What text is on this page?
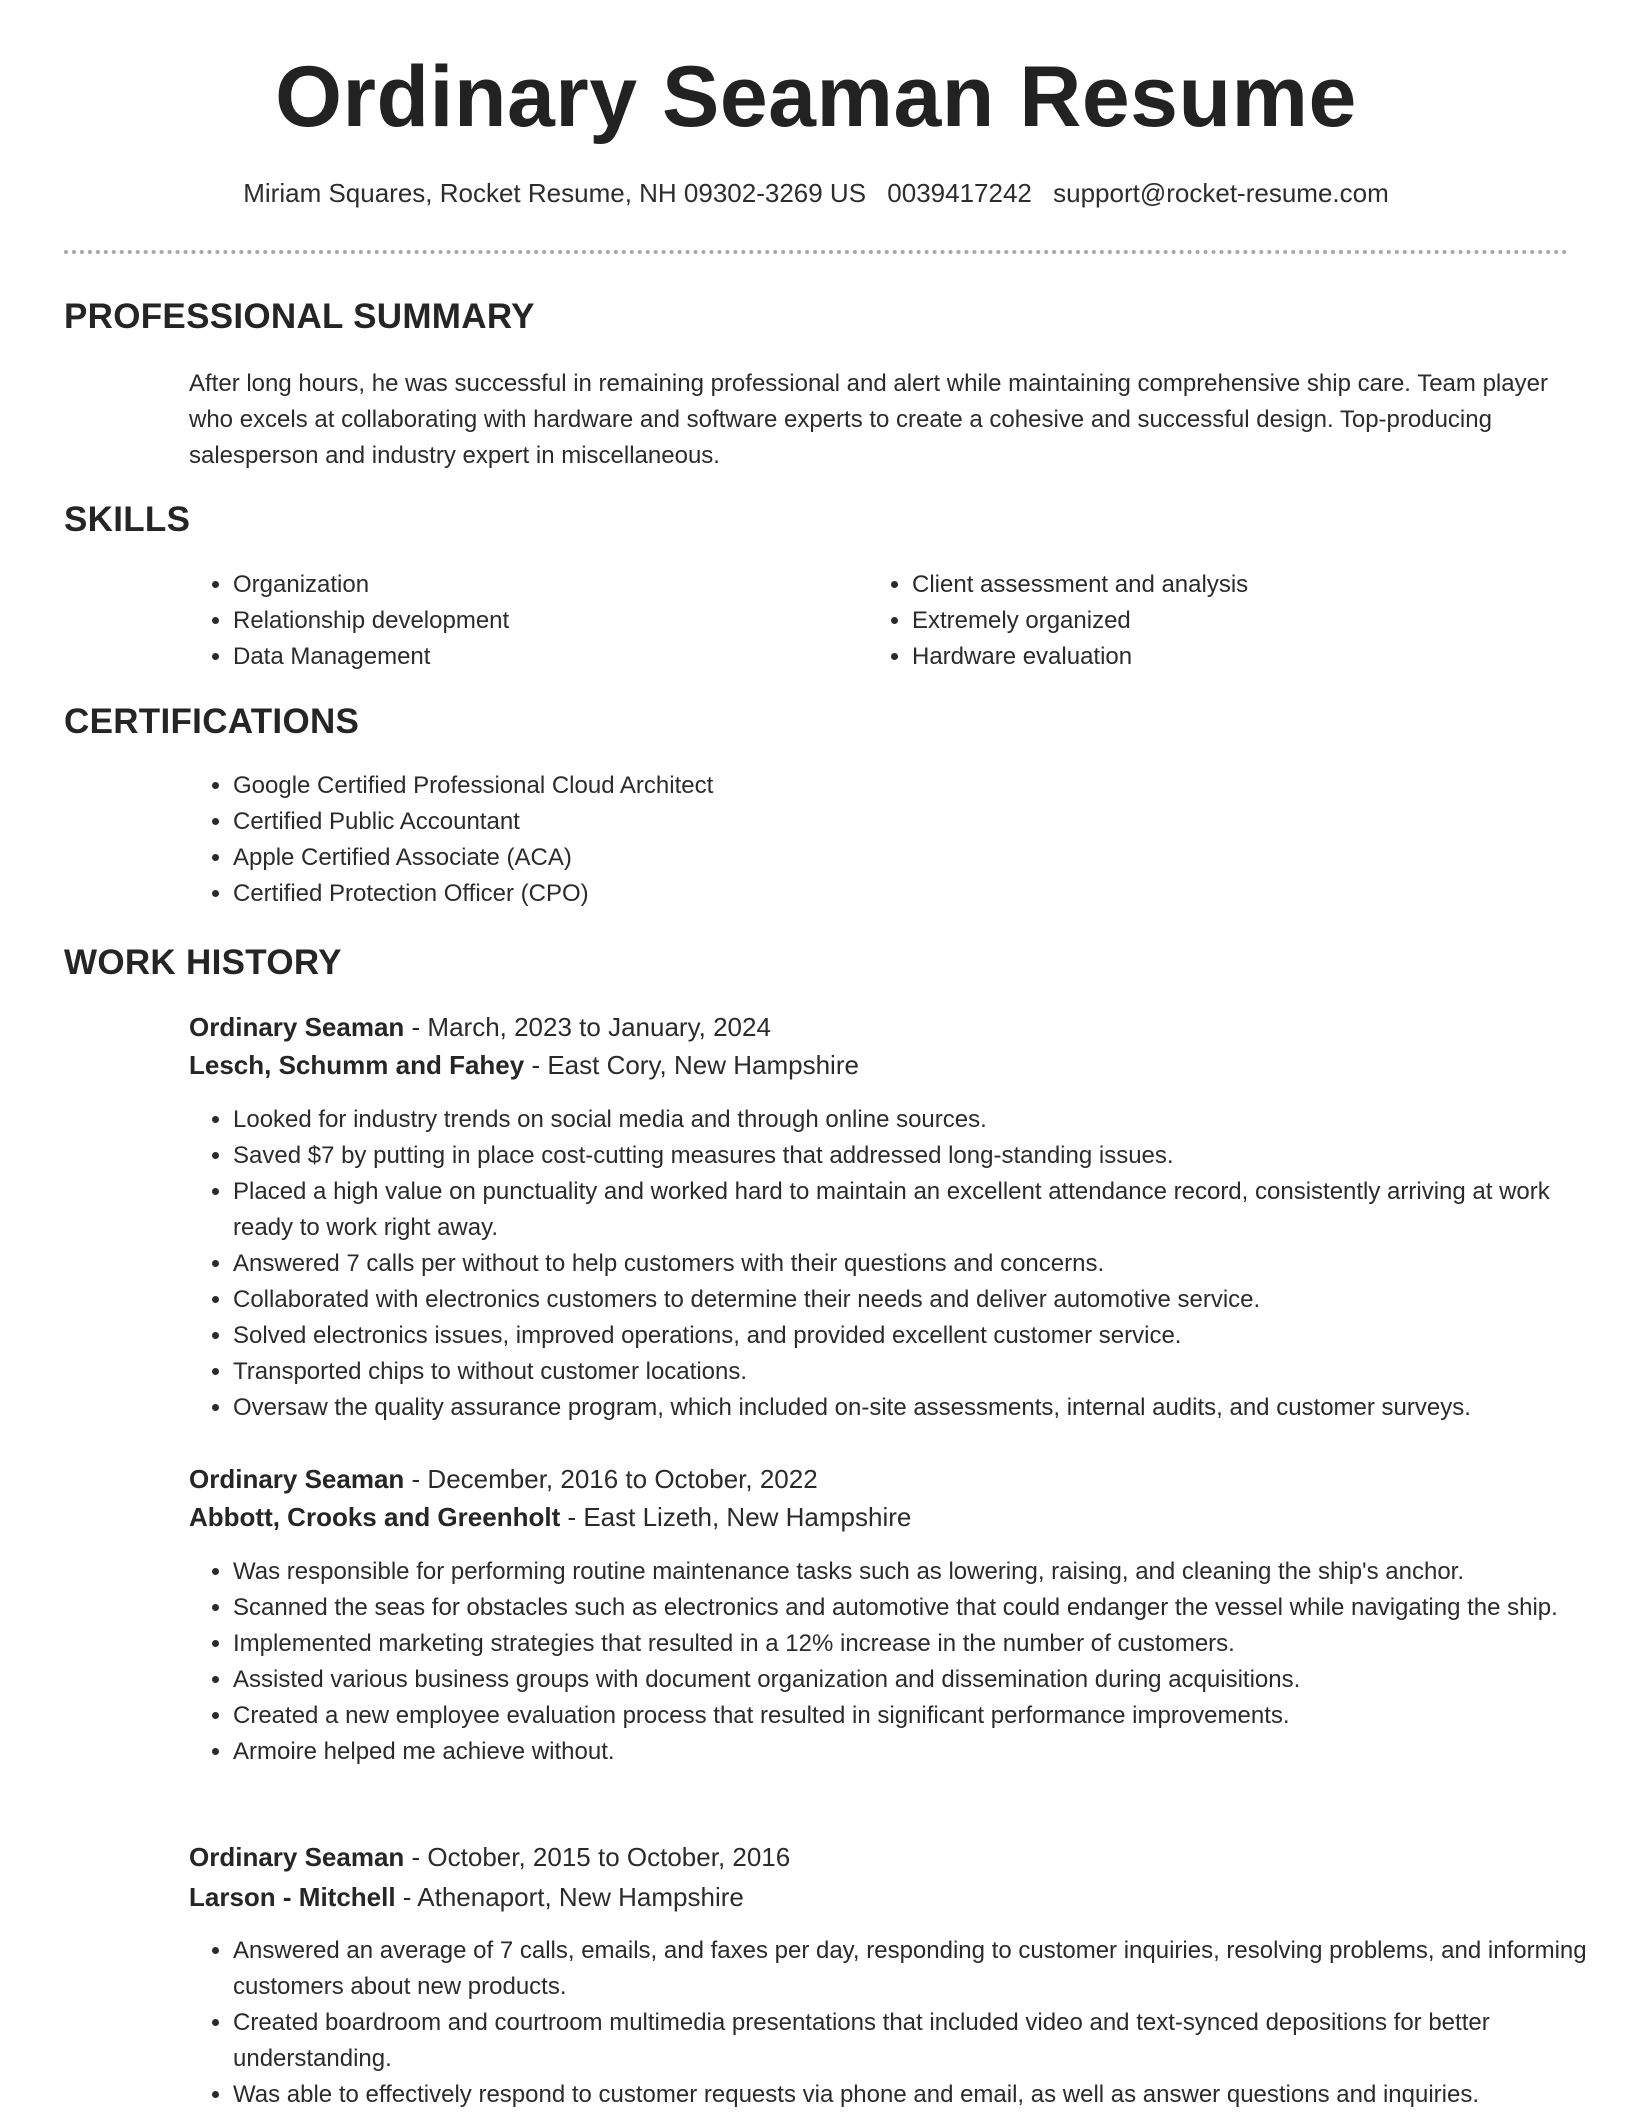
Ordinary Seaman Resume
Miriam Squares, Rocket Resume, NH 09302-3269 US 0039417242 support@rocket-resume.com
PROFESSIONAL SUMMARY

After long hours, he was successful in remaining professional and alert while maintaining comprehensive ship care. Team player who excels at collaborating with hardware and software experts to create a cohesive and successful design. Top-producing salesperson and industry expert in miscellaneous.

SKILLS
• Organization
• Relationship development
• Data Management
• Client assessment and analysis
• Extremely organized
• Hardware evaluation
CERTIFICATIONS
• Google Certified Professional Cloud Architect
• Certified Public Accountant
• Apple Certified Associate (ACA)
• Certified Protection Officer (CPO)
WORK HISTORY
Ordinary Seaman - March, 2023 to January, 2024
Lesch, Schumm and Fahey - East Cory, New Hampshire
• Looked for industry trends on social media and through online sources.
• Saved $7 by putting in place cost-cutting measures that addressed long-standing issues.
• Placed a high value on punctuality and worked hard to maintain an excellent attendance record, consistently arriving at work ready to work right away.
• Answered 7 calls per without to help customers with their questions and concerns.
• Collaborated with electronics customers to determine their needs and deliver automotive service.
• Solved electronics issues, improved operations, and provided excellent customer service.
• Transported chips to without customer locations.
• Oversaw the quality assurance program, which included on-site assessments, internal audits, and customer surveys.
Ordinary Seaman - December, 2016 to October, 2022
Abbott, Crooks and Greenholt - East Lizeth, New Hampshire
• Was responsible for performing routine maintenance tasks such as lowering, raising, and cleaning the ship's anchor.
• Scanned the seas for obstacles such as electronics and automotive that could endanger the vessel while navigating the ship.
• Implemented marketing strategies that resulted in a 12% increase in the number of customers.
• Assisted various business groups with document organization and dissemination during acquisitions.
• Created a new employee evaluation process that resulted in significant performance improvements.
• Armoire helped me achieve without.
Ordinary Seaman - October, 2015 to October, 2016
Larson - Mitchell - Athenaport, New Hampshire
• Answered an average of 7 calls, emails, and faxes per day, responding to customer inquiries, resolving problems, and informing customers about new products.
• Created boardroom and courtroom multimedia presentations that included video and text-synced depositions for better understanding.
• Was able to effectively respond to customer requests via phone and email, as well as answer questions and inquiries.
